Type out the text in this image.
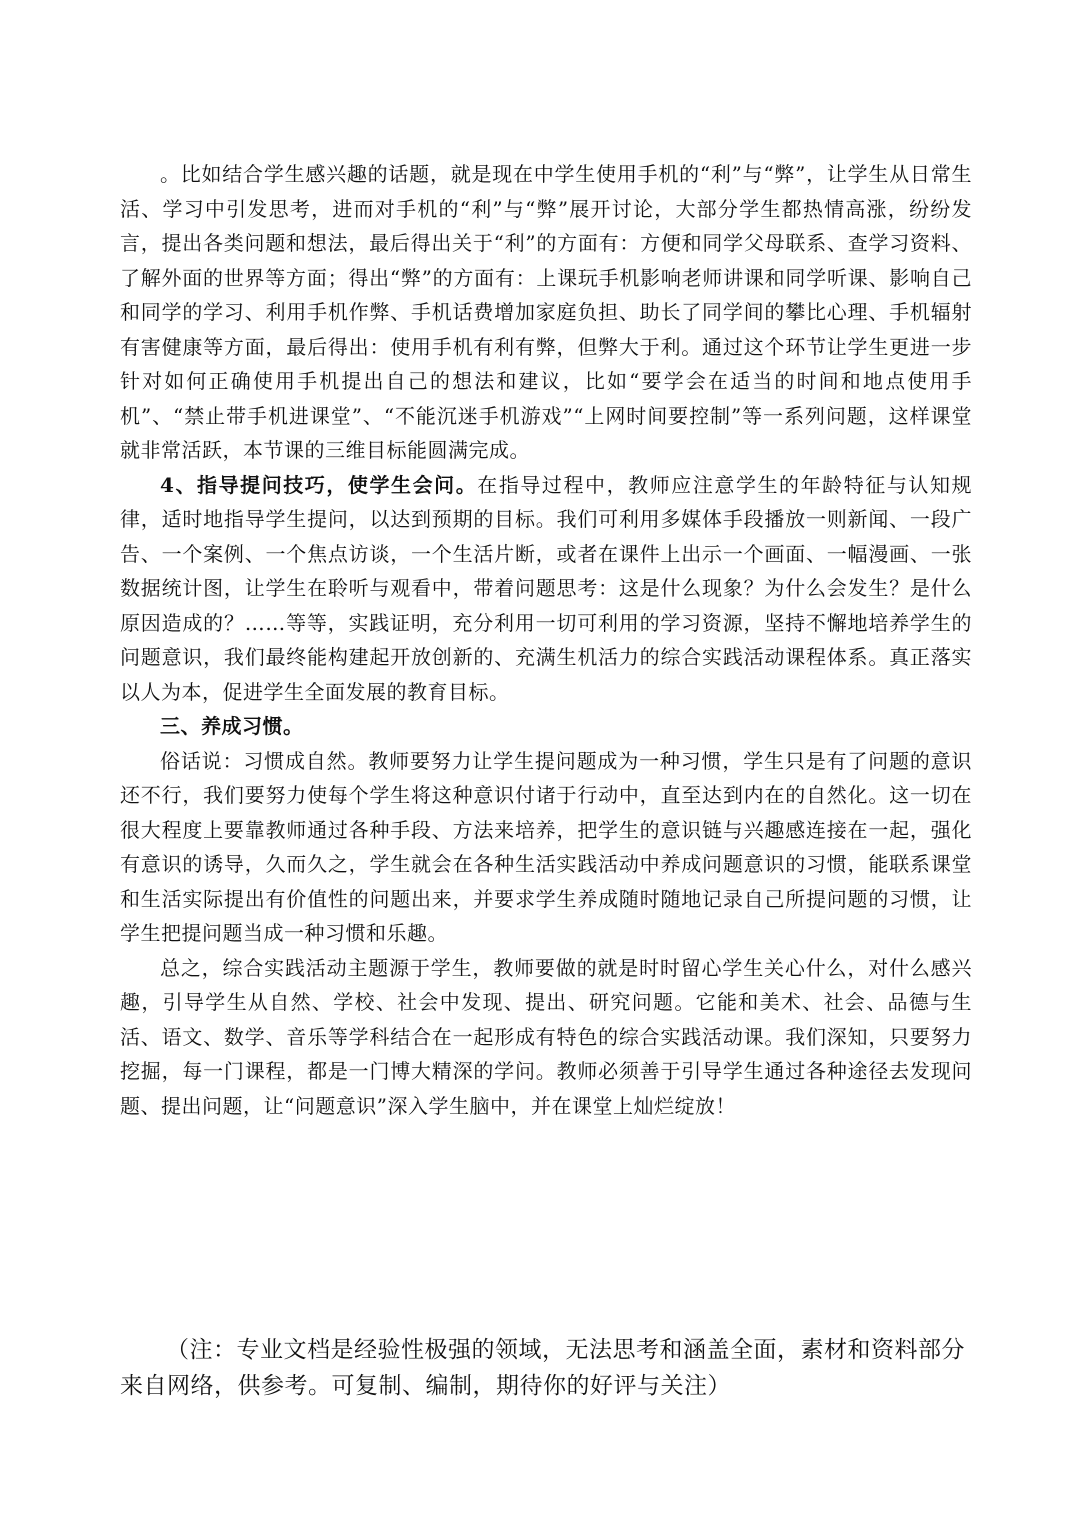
。比如结合学生感兴趣的话题，就是现在中学生使用手机的“利”与“弊”，让学生从日常生活、学习中引发思考，进而对手机的“利”与“弊”展开讨论，大部分学生都热情高涨，纷纷发言，提出各类问题和想法，最后得出关于“利”的方面有：方便和同学父母联系、查学习资料、了解外面的世界等方面；得出“弊”的方面有：上课玩手机影响老师讲课和同学听课、影响自己和同学的学习、利用手机作弊、手机话费增加家庭负担、助长了同学间的攀比心理、手机辐射有害健康等方面，最后得出：使用手机有利有弊，但弊大于利。通过这个环节让学生更进一步针对如何正确使用手机提出自己的想法和建议，比如“要学会在适当的时间和地点使用手机”、“禁止带手机进课堂”、“不能沉迷手机游戏”“上网时间要控制”等一系列问题，这样课堂就非常活跃，本节课的三维目标能圆满完成。

4、指导提问技巧，使学生会问。在指导过程中，教师应注意学生的年龄特征与认知规律，适时地指导学生提问，以达到预期的目标。我们可利用多媒体手段播放一则新闻、一段广告、一个案例、一个焦点访谈，一个生活片断，或者在课件上出示一个画面、一幅漫画、一张数据统计图，让学生在聆听与观看中，带着问题思考：这是什么现象？为什么会发生？是什么原因造成的？……等等，实践证明，充分利用一切可利用的学习资源，坚持不懈地培养学生的问题意识，我们最终能构建起开放创新的、充满生机活力的综合实践活动课程体系。真正落实以人为本，促进学生全面发展的教育目标。

三、养成习惯。

俗话说：习惯成自然。教师要努力让学生提问题成为一种习惯，学生只是有了问题的意识还不行，我们要努力使每个学生将这种意识付诸于行动中，直至达到内在的自然化。这一切在很大程度上要靠教师通过各种手段、方法来培养，把学生的意识链与兴趣感连接在一起，强化有意识的诱导，久而久之，学生就会在各种生活实践活动中养成问题意识的习惯，能联系课堂和生活实际提出有价值性的问题出来，并要求学生养成随时随地记录自己所提问题的习惯，让学生把提问题当成一种习惯和乐趣。

总之，综合实践活动主题源于学生，教师要做的就是时时留心学生关心什么，对什么感兴趣，引导学生从自然、学校、社会中发现、提出、研究问题。它能和美术、社会、品德与生活、语文、数学、音乐等学科结合在一起形成有特色的综合实践活动课。我们深知，只要努力挖掘，每一门课程，都是一门博大精深的学问。教师必须善于引导学生通过各种途径去发现问题、提出问题，让“问题意识”深入学生脑中，并在课堂上灿烂绽放！

（注：专业文档是经验性极强的领域，无法思考和涵盖全面，素材和资料部分来自网络，供参考。可复制、编制，期待你的好评与关注）
